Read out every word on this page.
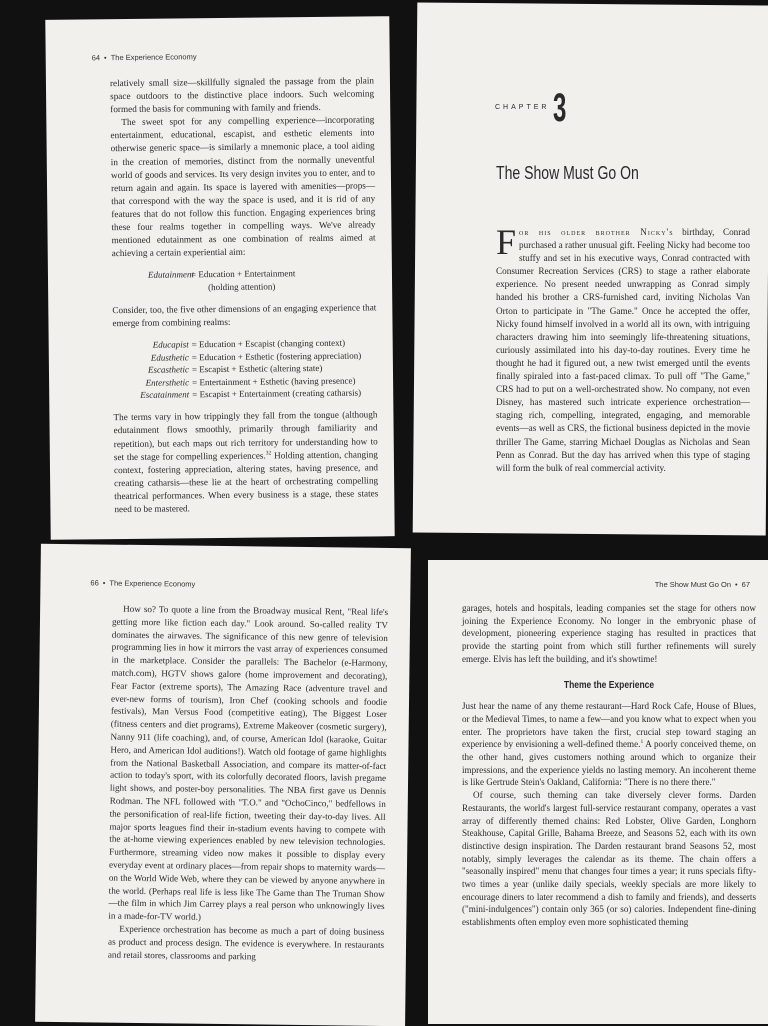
64 • The Experience Economy

relatively small size—skillfully signaled the passage from the plain space outdoors to the distinctive place indoors. Such welcoming formed the basis for communing with family and friends.

The sweet spot for any compelling experience—incorporating entertainment, educational, escapist, and esthetic elements into otherwise generic space—is similarly a mnemonic place, a tool aiding in the creation of memories, distinct from the normally uneventful world of goods and services. Its very design invites you to enter, and to return again and again. Its space is layered with amenities—props—that correspond with the way the space is used, and it is rid of any features that do not follow this function. Engaging experiences bring these four realms together in compelling ways. We've already mentioned edutainment as one combination of realms aimed at achieving a certain experiential aim:

Edutainment
= Education + Entertainment
(holding attention)

Consider, too, the five other dimensions of an engaging experience that emerge from combining realms:

Educapist = Education + Escapist (changing context)
Edusthetic = Education + Esthetic (fostering appreciation)
Escasthetic = Escapist + Esthetic (altering state)
Entersthetic = Entertainment + Esthetic (having presence)
Escatainment = Escapist + Entertainment (creating catharsis)

The terms vary in how trippingly they fall from the tongue (although edutainment flows smoothly, primarily through familiarity and repetition), but each maps out rich territory for understanding how to set the stage for compelling experiences.$^{32}$ Holding attention, changing context, fostering appreciation, altering states, having presence, and creating catharsis—these lie at the heart of orchestrating compelling theatrical performances. When every business is a stage, these states need to be mastered.

CHAPTER 3
The Show Must Go On

For his older brother Nicky's birthday, Conrad purchased a rather unusual gift. Feeling Nicky had become too stuffy and set in his executive ways, Conrad contracted with Consumer Recreation Services (CRS) to stage a rather elaborate experience. No present needed unwrapping as Conrad simply handed his brother a CRS-furnished card, inviting Nicholas Van Orton to participate in "The Game." Once he accepted the offer, Nicky found himself involved in a world all its own, with intriguing characters drawing him into seemingly life-threatening situations, curiously assimilated into his day-to-day routines. Every time he thought he had it figured out, a new twist emerged until the events finally spiraled into a fast-paced climax. To pull off "The Game," CRS had to put on a well-orchestrated show. No company, not even Disney, has mastered such intricate experience orchestration—staging rich, compelling, integrated, engaging, and memorable events—as well as CRS, the fictional business depicted in the movie thriller The Game, starring Michael Douglas as Nicholas and Sean Penn as Conrad. But the day has arrived when this type of staging will form the bulk of real commercial activity.

66 • The Experience Economy

How so? To quote a line from the Broadway musical Rent, "Real life's getting more like fiction each day." Look around. So-called reality TV dominates the airwaves. The significance of this new genre of television programming lies in how it mirrors the vast array of experiences consumed in the marketplace. Consider the parallels: The Bachelor (e-Harmony, match.com), HGTV shows galore (home improvement and decorating), Fear Factor (extreme sports), The Amazing Race (adventure travel and ever-new forms of tourism), Iron Chef (cooking schools and foodie festivals), Man Versus Food (competitive eating), The Biggest Loser (fitness centers and diet programs), Extreme Makeover (cosmetic surgery), Nanny 911 (life coaching), and, of course, American Idol (karaoke, Guitar Hero, and American Idol auditions!). Watch old footage of game highlights from the National Basketball Association, and compare its matter-of-fact action to today's sport, with its colorfully decorated floors, lavish pregame light shows, and poster-boy personalities. The NBA first gave us Dennis Rodman. The NFL followed with "T.O." and "OchoCinco," bedfellows in the personification of real-life fiction, tweeting their day-to-day lives. All major sports leagues find their in-stadium events having to compete with the at-home viewing experiences enabled by new television technologies. Furthermore, streaming video now makes it possible to display every everyday event at ordinary places—from repair shops to maternity wards—on the World Wide Web, where they can be viewed by anyone anywhere in the world. (Perhaps real life is less like The Game than The Truman Show—the film in which Jim Carrey plays a real person who unknowingly lives in a made-for-TV world.)

Experience orchestration has become as much a part of doing business as product and process design. The evidence is everywhere. In restaurants and retail stores, classrooms and parking

The Show Must Go On • 67

garages, hotels and hospitals, leading companies set the stage for others now joining the Experience Economy. No longer in the embryonic phase of development, pioneering experience staging has resulted in practices that provide the starting point from which still further refinements will surely emerge. Elvis has left the building, and it's showtime!

Theme the Experience

Just hear the name of any theme restaurant—Hard Rock Cafe, House of Blues, or the Medieval Times, to name a few—and you know what to expect when you enter. The proprietors have taken the first, crucial step toward staging an experience by envisioning a well-defined theme.$^1$ A poorly conceived theme, on the other hand, gives customers nothing around which to organize their impressions, and the experience yields no lasting memory. An incoherent theme is like Gertrude Stein's Oakland, California: "There is no there there."

Of course, such theming can take diversely clever forms. Darden Restaurants, the world's largest full-service restaurant company, operates a vast array of differently themed chains: Red Lobster, Olive Garden, Longhorn Steakhouse, Capital Grille, Bahama Breeze, and Seasons 52, each with its own distinctive design inspiration. The Darden restaurant brand Seasons 52, most notably, simply leverages the calendar as its theme. The chain offers a "seasonally inspired" menu that changes four times a year; it runs specials fifty-two times a year (unlike daily specials, weekly specials are more likely to encourage diners to later recommend a dish to family and friends), and desserts ("mini-indulgences") contain only 365 (or so) calories. Independent fine-dining establishments often employ even more sophisticated theming
